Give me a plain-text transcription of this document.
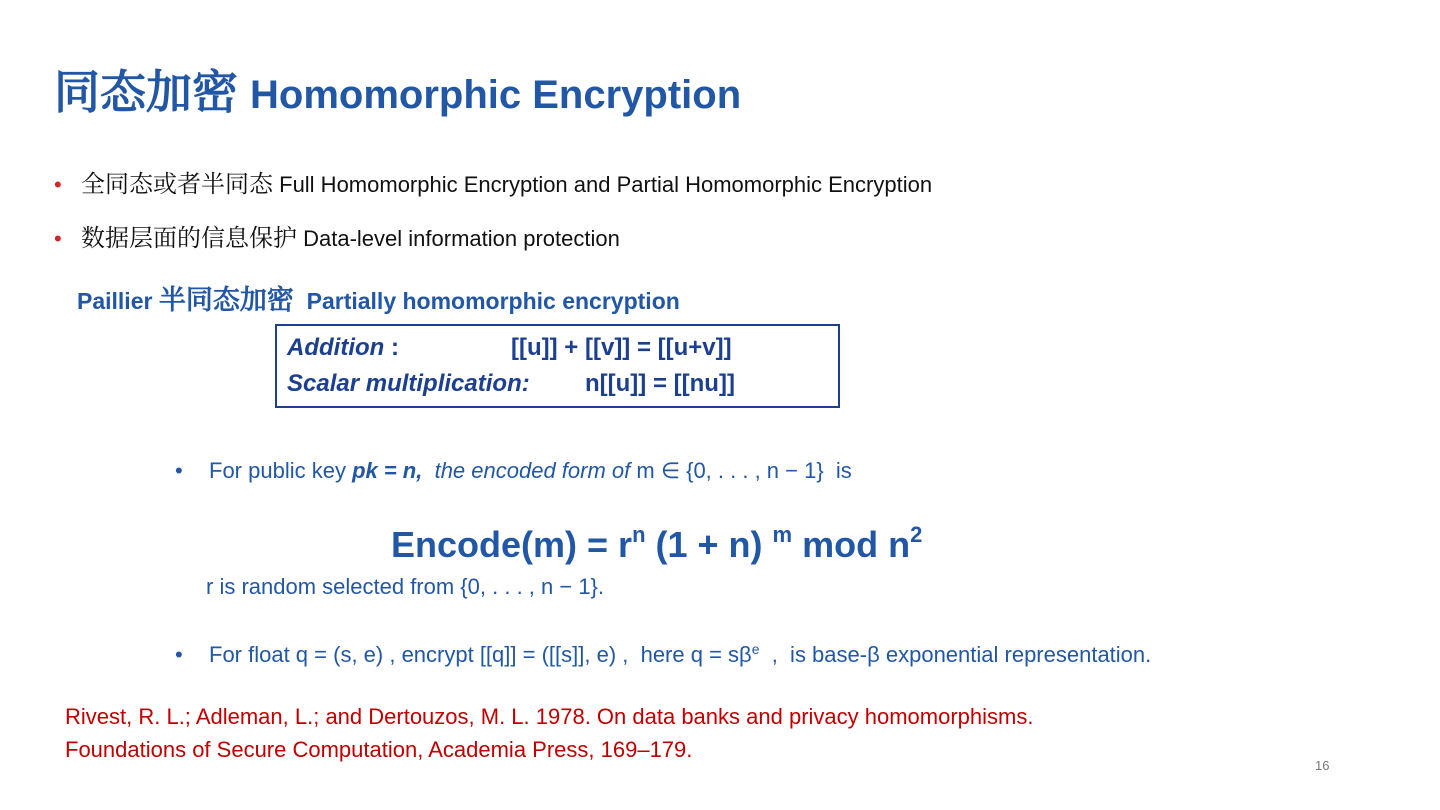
同态加密 Homomorphic Encryption
• 全同态或者半同态 Full Homomorphic Encryption and Partial Homomorphic Encryption
• 数据层面的信息保护 Data-level information protection
Paillier 半同态加密 Partially homomorphic encryption
Addition :	[[u]] + [[v]] = [[u+v]]
Scalar multiplication: n[[u]] = [[nu]]
• For public key pk = n,  the encoded form of m ∈ {0, . . . , n − 1}  is
Encode(m) = $r^n$ (1 + n) $^m$ mod $n^2$
r is random selected from {0, . . . , n − 1}.
• For float q = (s, e) , encrypt [[q]] = ([[s]], e) ,  here $q = s\beta^e$  ,  is base-β exponential representation.
Rivest, R. L.; Adleman, L.; and Dertouzos, M. L. 1978. On data banks and privacy homomorphisms.
Foundations of Secure Computation, Academia Press, 169–179.
16
